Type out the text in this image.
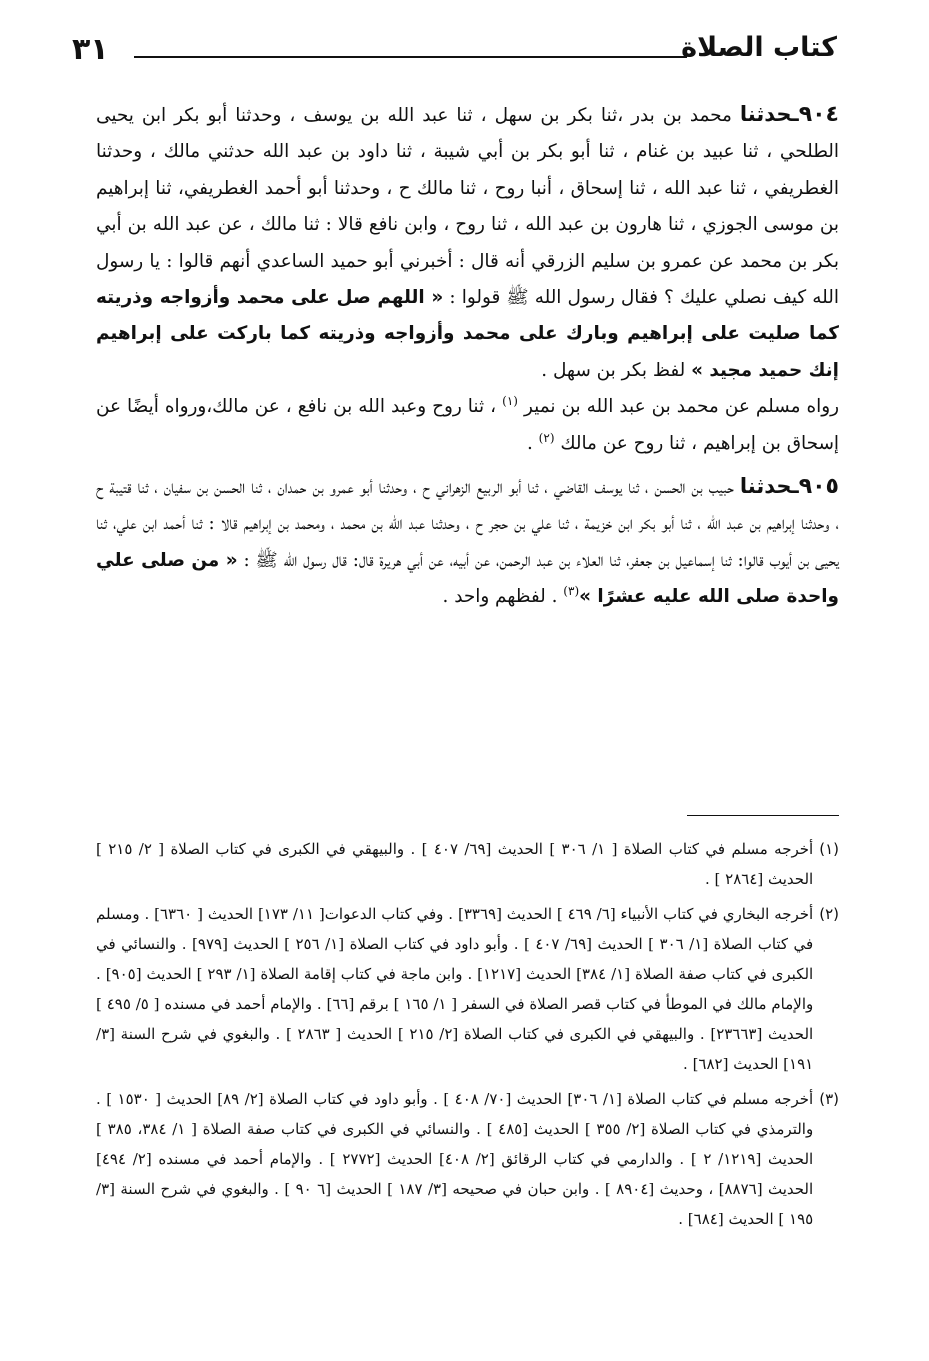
كتاب الصلاة
٣١

٩٠٤ـحدثنا محمد بن بدر ،ثنا بكر بن سهل ، ثنا عبد الله بن يوسف ، وحدثنا أبو بكر ابن يحيى الطلحي ، ثنا عبيد بن غنام ، ثنا أبو بكر بن أبي شيبة ، ثنا داود بن عبد الله حدثني مالك ، وحدثنا الغطريفي ، ثنا عبد الله ، ثنا إسحاق ، أنبا روح ، ثنا مالك ح ، وحدثنا أبو أحمد الغطريفي، ثنا إبراهيم بن موسى الجوزي ، ثنا هارون بن عبد الله ، ثنا روح ، وابن نافع قالا : ثنا مالك ، عن عبد الله بن أبي بكر بن محمد عن عمرو بن سليم الزرقي أنه قال : أخبرني أبو حميد الساعدي أنهم قالوا : يا رسول الله كيف نصلي عليك ؟ فقال رسول الله ﷺ قولوا : « اللهم صل على محمد وأزواجه وذريته كما صليت على إبراهيم وبارك على محمد وأزواجه وذريته كما باركت على إبراهيم إنك حميد مجيد » لفظ بكر بن سهل .

رواه مسلم عن محمد بن عبد الله بن نمير $^{(١)}$ ، ثنا روح وعبد الله بن نافع ، عن مالك،ورواه أيضًا عن إسحاق بن إبراهيم ، ثنا روح عن مالك $^{(٢)}$ .

٩٠٥ـحدثنا حبيب بن الحسن ، ثنا يوسف القاضي ، ثنا أبو الربيع الزهراني ح ، وحدثنا أبو عمرو بن حمدان ، ثنا الحسن بن سفيان ، ثنا قتيبة ح ، وحدثنا إبراهيم بن عبد الله ، ثنا أبو بكر ابن خزيمة ، ثنا علي بن حجر ح ، وحدثنا عبد الله بن محمد ، ومحمد بن إبراهيم قالا : ثنا أحمد ابن علي، ثنا يحيى بن أيوب قالوا: ثنا إسماعيل بن جعفر، ثنا العلاء بن عبد الرحمن، عن أبيه، عن أبي هريرة قال: قال رسول الله ﷺ : « من صلى علي واحدة صلى الله عليه عشرًا »$^{(٣)}$ . لفظهم واحد .

(١)
أخرجه مسلم في كتاب الصلاة [ ١/ ٣٠٦ ] الحديث [٦٩/ ٤٠٧ ] . والبيهقي في الكبرى في كتاب الصلاة [ ٢/ ٢١٥ ] الحديث [٢٨٦٤ ] .

(٢)
أخرجه البخاري في كتاب الأنبياء [٦/ ٤٦٩ ] الحديث [٣٣٦٩] . وفي كتاب الدعوات[ ١١/ ١٧٣] الحديث [ ٦٣٦٠] . ومسلم في كتاب الصلاة [١/ ٣٠٦ ] الحديث [٦٩/ ٤٠٧ ] . وأبو داود في كتاب الصلاة [١/ ٢٥٦ ] الحديث [٩٧٩] . والنسائي في الكبرى في كتاب صفة الصلاة [١/ ٣٨٤] الحديث [١٢١٧] . وابن ماجة في كتاب إقامة الصلاة [١/ ٢٩٣ ] الحديث [٩٠٥] . والإمام مالك في الموطأ في كتاب قصر الصلاة في السفر [ ١/ ١٦٥ ] برقم [٦٦] . والإمام أحمد في مسنده [ ٥/ ٤٩٥ ] الحديث [٢٣٦٦٣] . والبيهقي في الكبرى في كتاب الصلاة [٢/ ٢١٥ ] الحديث [ ٢٨٦٣ ] . والبغوي في شرح السنة [٣/ ١٩١] الحديث [٦٨٢] .

(٣)
أخرجه مسلم في كتاب الصلاة [١/ ٣٠٦] الحديث [٧٠/ ٤٠٨ ] . وأبو داود في كتاب الصلاة [٢/ ٨٩] الحديث [ ١٥٣٠ ] . والترمذي في كتاب الصلاة [٢/ ٣٥٥ ] الحديث [٤٨٥ ] . والنسائي في الكبرى في كتاب صفة الصلاة [ ١/ ٣٨٤، ٣٨٥ ] الحديث [١٢١٩/ ٢ ] . والدارمي في كتاب الرقائق [٢/ ٤٠٨] الحديث [٢٧٧٢ ] . والإمام أحمد في مسنده [٢/ ٤٩٤] الحديث [٨٨٧٦] ، وحديث [٨٩٠٤ ] . وابن حبان في صحيحه [٣/ ١٨٧ ] الحديث [٦ ٩٠ ] . والبغوي في شرح السنة [٣/ ١٩٥ ] الحديث [٦٨٤] .
